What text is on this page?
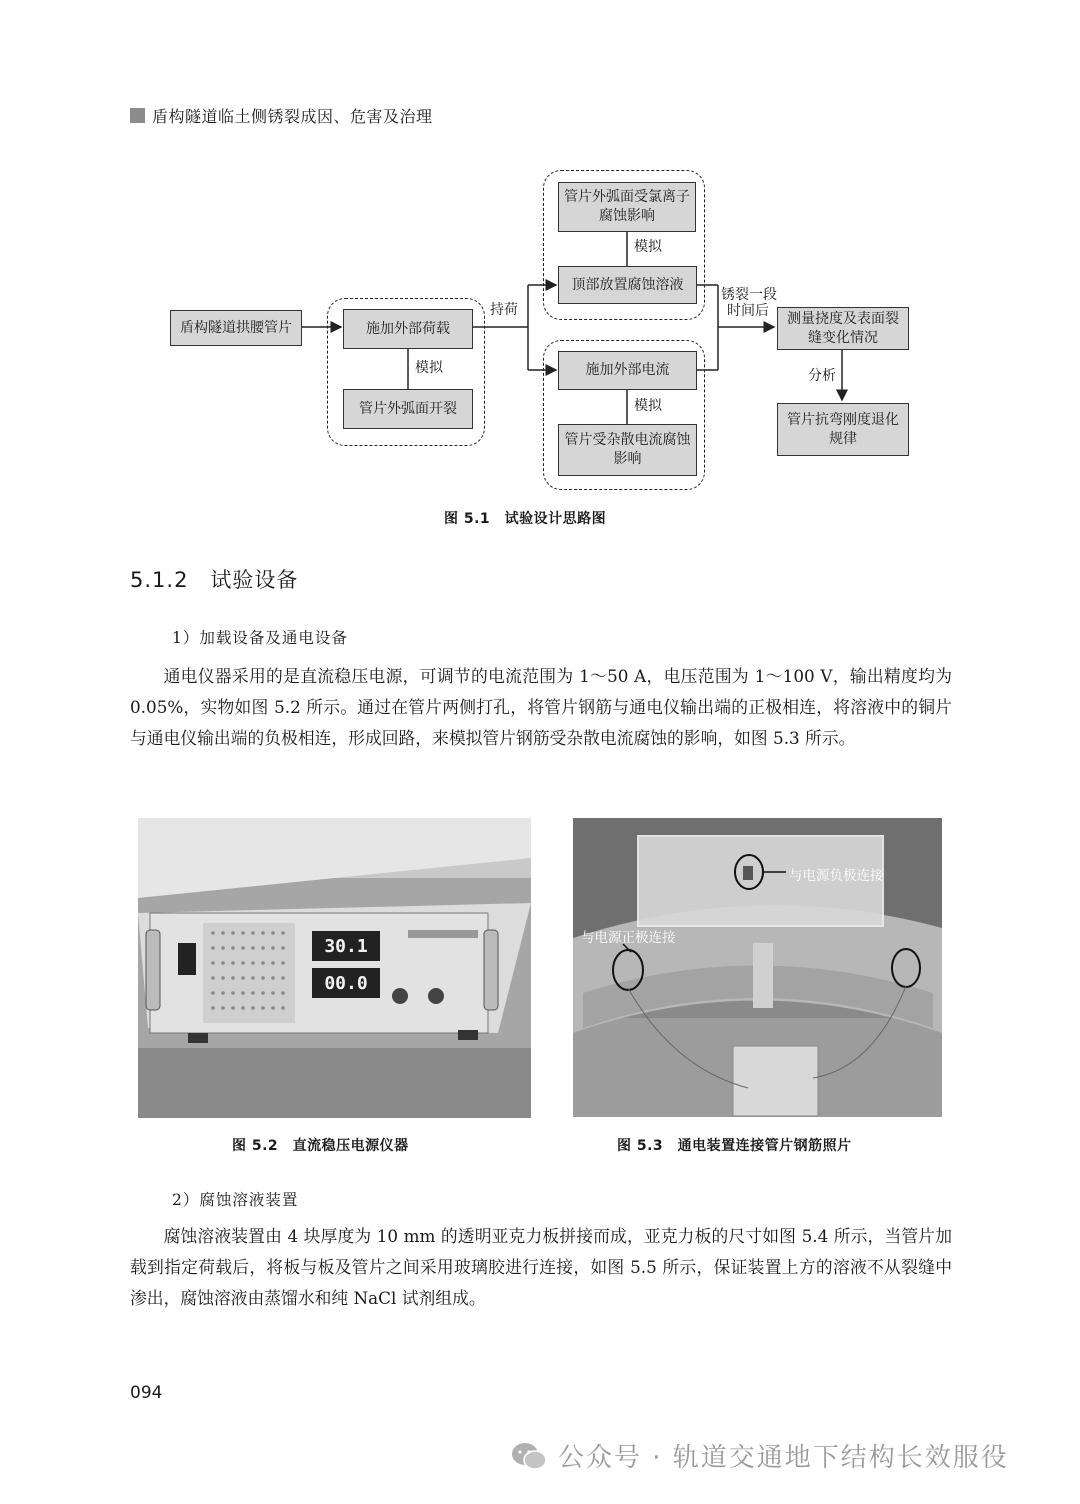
盾构隧道临土侧锈裂成因、危害及治理
盾构隧道拱腰管片	施加外部荷载
管片外弧面开裂
管片外弧面受氯离子腐蚀影响
顶部放置腐蚀溶液
施加外部电流
管片受杂散电流腐蚀影响
测量挠度及表面裂缝变化情况
管片抗弯刚度退化规律
模拟
模拟
模拟
持荷
锈裂一段
时间后
分析
图 5.1　试验设计思路图
5.1.2　试验设备
1）加载设备及通电设备

通电仪器采用的是直流稳压电源，可调节的电流范围为 1～50 A，电压范围为 1～100 V，输出精度均为 0.05%，实物如图 5.2 所示。通过在管片两侧打孔，将管片钢筋与通电仪输出端的正极相连，将溶液中的铜片与通电仪输出端的负极相连，形成回路，来模拟管片钢筋受杂散电流腐蚀的影响，如图 5.3 所示。

30.1
00.0
图 5.2　直流稳压电源仪器
与电源负极连接
与电源正极连接
图 5.3　通电装置连接管片钢筋照片
2）腐蚀溶液装置

腐蚀溶液装置由 4 块厚度为 10 mm 的透明亚克力板拼接而成，亚克力板的尺寸如图 5.4 所示，当管片加载到指定荷载后，将板与板及管片之间采用玻璃胶进行连接，如图 5.5 所示，保证装置上方的溶液不从裂缝中渗出，腐蚀溶液由蒸馏水和纯 NaCl 试剂组成。

094
公众号 · 轨道交通地下结构长效服役
